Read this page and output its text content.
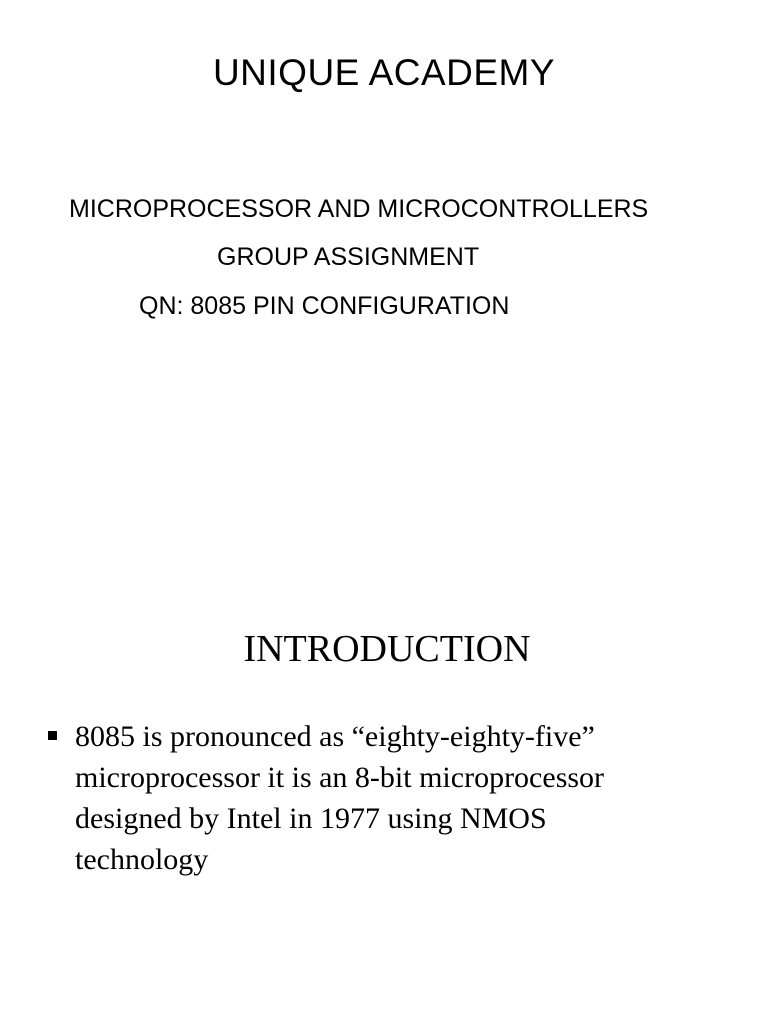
UNIQUE ACADEMY
MICROPROCESSOR AND MICROCONTROLLERS
GROUP ASSIGNMENT
QN: 8085 PIN CONFIGURATION
INTRODUCTION
8085 is pronounced as “eighty-eighty-five”
microprocessor it is an 8-bit microprocessor
designed by Intel in 1977 using NMOS
technology
